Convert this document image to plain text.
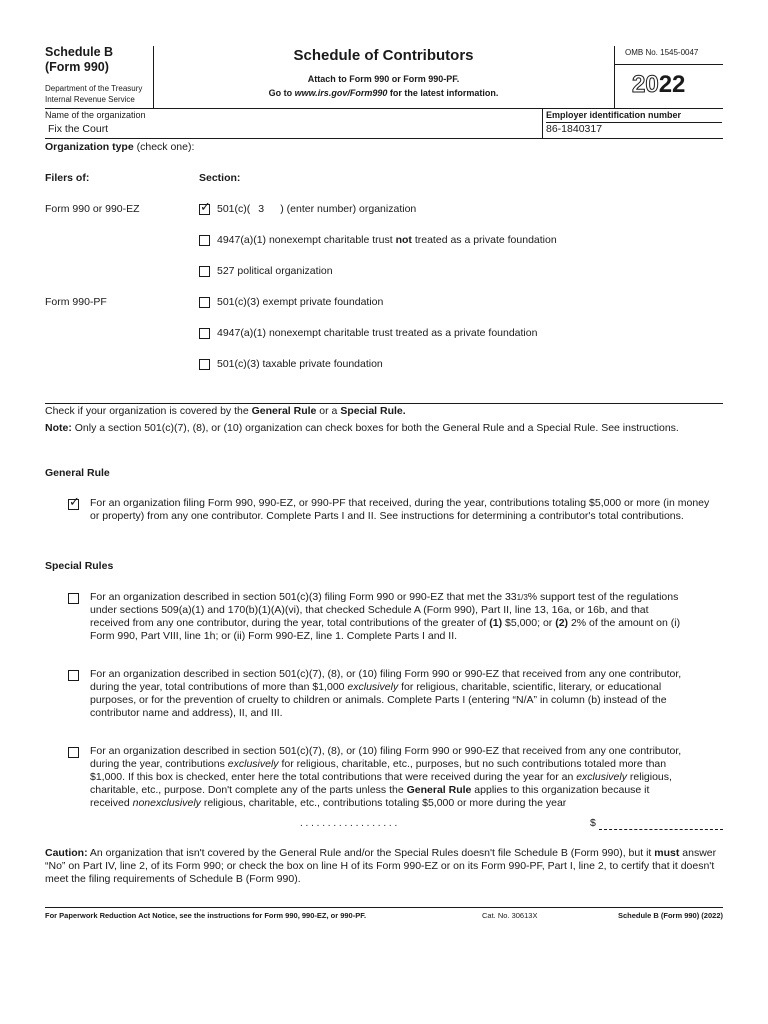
Schedule B
(Form 990)
Department of the Treasury
Internal Revenue Service
Schedule of Contributors
Attach to Form 990 or Form 990-PF.
Go to www.irs.gov/Form990 for the latest information.
OMB No. 1545-0047
2022
Name of the organization
Fix the Court
Employer identification number
86-1840317
Organization type (check one):
Filers of:	Section:
Form 990 or 990-EZ	✓ 501(c)( 3 ) (enter number) organization
4947(a)(1) nonexempt charitable trust not treated as a private foundation
527 political organization
Form 990-PF	501(c)(3) exempt private foundation
4947(a)(1) nonexempt charitable trust treated as a private foundation
501(c)(3) taxable private foundation
Check if your organization is covered by the General Rule or a Special Rule.
Note: Only a section 501(c)(7), (8), or (10) organization can check boxes for both the General Rule and a Special Rule. See instructions.
General Rule
✓ For an organization filing Form 990, 990-EZ, or 990-PF that received, during the year, contributions totaling $5,000 or more (in money or property) from any one contributor. Complete Parts I and II. See instructions for determining a contributor's total contributions.
Special Rules
For an organization described in section 501(c)(3) filing Form 990 or 990-EZ that met the 331/3% support test of the regulations under sections 509(a)(1) and 170(b)(1)(A)(vi), that checked Schedule A (Form 990), Part II, line 13, 16a, or 16b, and that received from any one contributor, during the year, total contributions of the greater of (1) $5,000; or (2) 2% of the amount on (i) Form 990, Part VIII, line 1h; or (ii) Form 990-EZ, line 1. Complete Parts I and II.
For an organization described in section 501(c)(7), (8), or (10) filing Form 990 or 990-EZ that received from any one contributor, during the year, total contributions of more than $1,000 exclusively for religious, charitable, scientific, literary, or educational purposes, or for the prevention of cruelty to children or animals. Complete Parts I (entering “N/A” in column (b) instead of the contributor name and address), II, and III.
For an organization described in section 501(c)(7), (8), or (10) filing Form 990 or 990-EZ that received from any one contributor, during the year, contributions exclusively for religious, charitable, etc., purposes, but no such contributions totaled more than $1,000. If this box is checked, enter here the total contributions that were received during the year for an exclusively religious, charitable, etc., purpose. Don't complete any of the parts unless the General Rule applies to this organization because it received nonexclusively religious, charitable, etc., contributions totaling $5,000 or more during the year
. . . . . . . . . . . . . . . . . .	$
Caution: An organization that isn't covered by the General Rule and/or the Special Rules doesn't file Schedule B (Form 990), but it must answer “No” on Part IV, line 2, of its Form 990; or check the box on line H of its Form 990-EZ or on its Form 990-PF, Part I, line 2, to certify that it doesn't meet the filing requirements of Schedule B (Form 990).
For Paperwork Reduction Act Notice, see the instructions for Form 990, 990-EZ, or 990-PF.	Cat. No. 30613X	Schedule B (Form 990) (2022)
